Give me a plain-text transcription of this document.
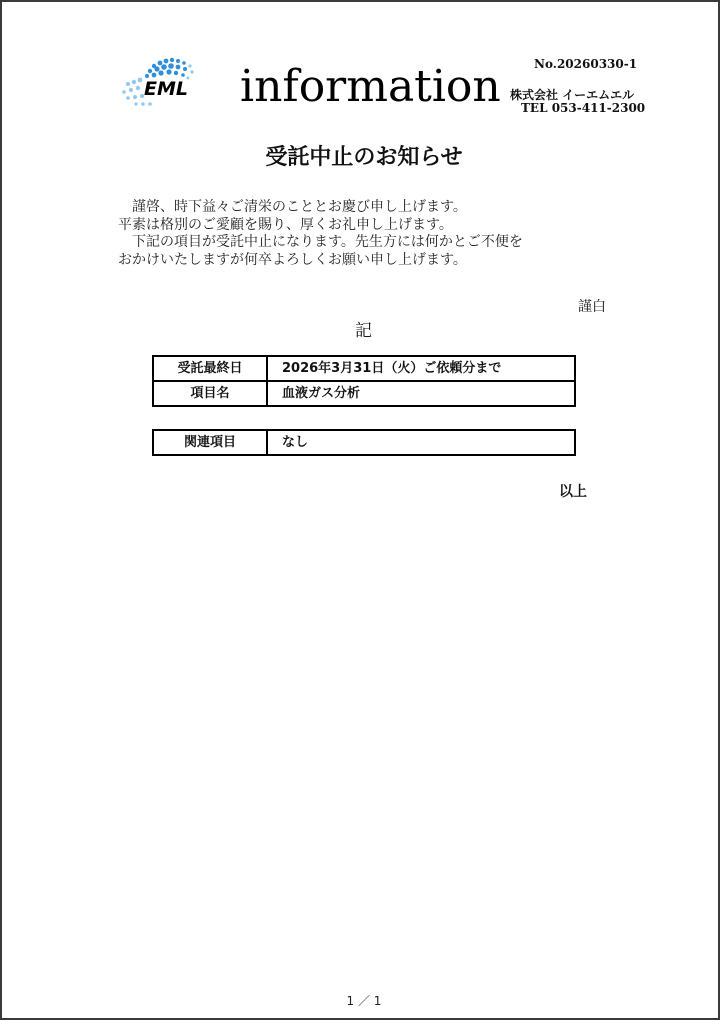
EML information	No.20260330-1
株式会社 イーエムエル
TEL 053-411-2300
受託中止のお知らせ
　謹啓、時下益々ご清栄のこととお慶び申し上げます。
平素は格別のご愛顧を賜り、厚くお礼申し上げます。
　下記の項目が受託中止になります。先生方には何かとご不便を
おかけいたしますが何卒よろしくお願い申し上げます。
謹白
記
受託最終日	2026年3月31日（火）ご依頼分まで
項目名	血液ガス分析
関連項目	なし
以上
1 ／ 1
